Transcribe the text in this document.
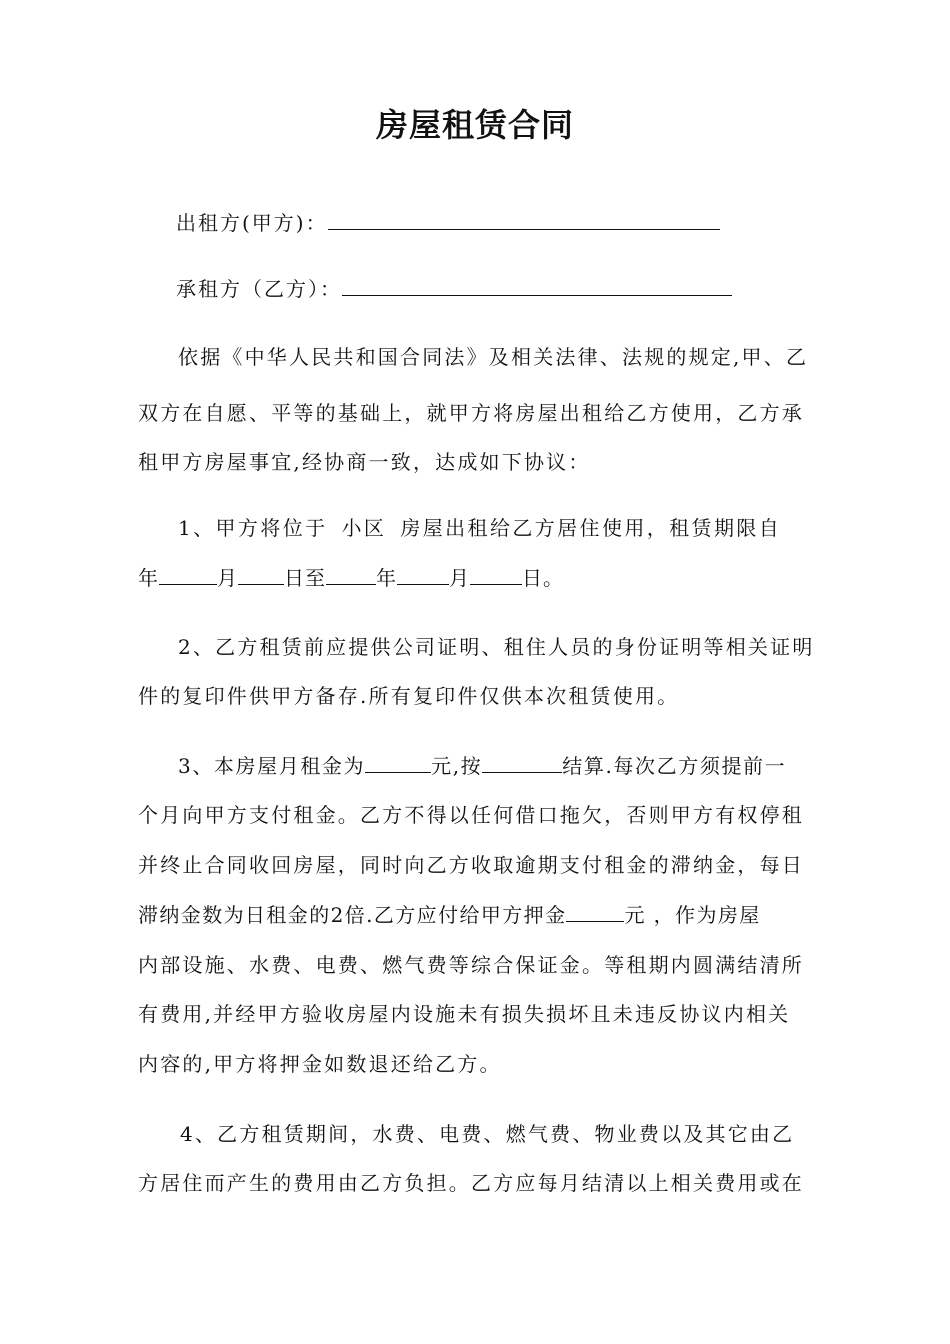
房屋租赁合同
出租方(甲方)：
承租方（乙方）：
依据《中华人民共和国合同法》及相关法律、法规的规定,甲、乙
双方在自愿、平等的基础上，就甲方将房屋出租给乙方使用，乙方承
租甲方房屋事宜,经协商一致，达成如下协议：
1、甲方将位于 小区 房屋出租给乙方居住使用，租赁期限自
年	月 日至	年	月	日。
2、乙方租赁前应提供公司证明、租住人员的身份证明等相关证明
件的复印件供甲方备存.所有复印件仅供本次租赁使用。
3、本房屋月租金为	元,按	结算.每次乙方须提前一
个月向甲方支付租金。乙方不得以任何借口拖欠，否则甲方有权停租
并终止合同收回房屋，同时向乙方收取逾期支付租金的滞纳金，每日
滞纳金数为日租金的2倍.乙方应付给甲方押金	元 ，作为房屋
内部设施、水费、电费、燃气费等综合保证金。等租期内圆满结清所
有费用,并经甲方验收房屋内设施未有损失损坏且未违反协议内相关
内容的,甲方将押金如数退还给乙方。
4、乙方租赁期间，水费、电费、燃气费、物业费以及其它由乙
方居住而产生的费用由乙方负担。乙方应每月结清以上相关费用或在
